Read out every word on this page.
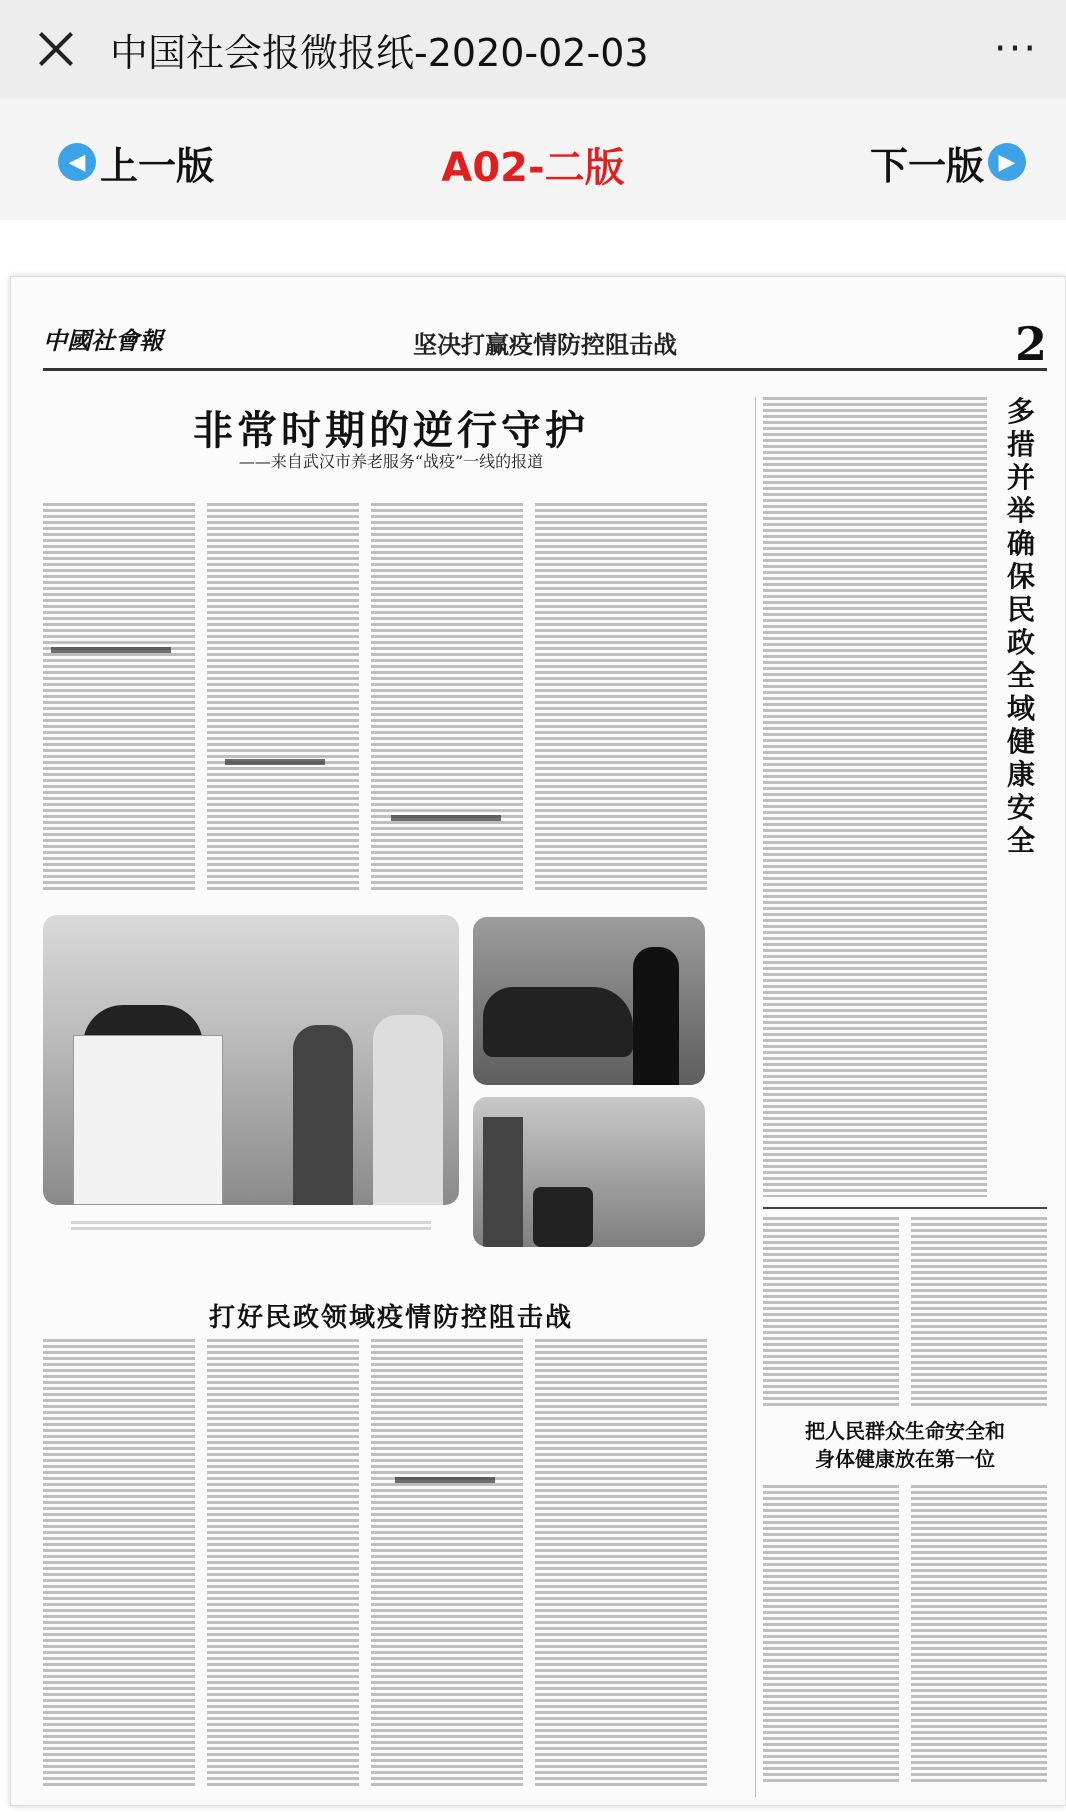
中国社会报微报纸-2020-02-03	···
◀ 上一版	A02-二版	下一版 ▶
中國社會報	坚决打赢疫情防控阻击战	2
非常时期的逆行守护
——来自武汉市养老服务“战疫”一线的报道
多措并举确保民政全域健康安全
把人民群众生命安全和
身体健康放在第一位
打好民政领域疫情防控阻击战
